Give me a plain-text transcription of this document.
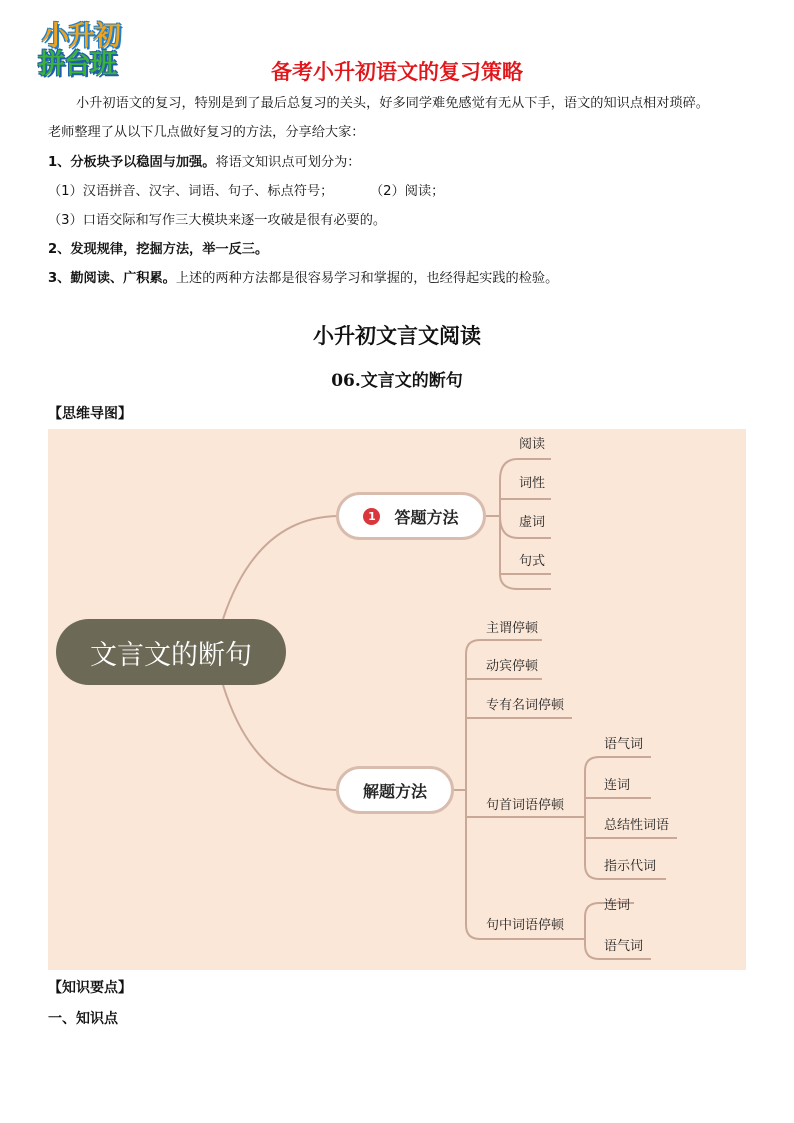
小升初
拼台班	备考小升初语文的复习策略
小升初语文的复习，特别是到了最后总复习的关头，好多同学难免感觉有无从下手，语文的知识点相对琐碎。
老师整理了从以下几点做好复习的方法，分享给大家：
1、分板块予以稳固与加强。将语文知识点可划分为：
（1）汉语拼音、汉字、词语、句子、标点符号；	（2）阅读；
（3）口语交际和写作三大模块来逐一攻破是很有必要的。
2、发现规律，挖掘方法，举一反三。
3、勤阅读、广积累。上述的两种方法都是很容易学习和掌握的，也经得起实践的检验。
小升初文言文阅读
06.文言文的断句
【思维导图】
文言文的断句
1 答题方法
阅读
词性
虚词
句式
解题方法
主谓停顿
动宾停顿
专有名词停顿
句首词语停顿
句中词语停顿
语气词
连词
总结性词语
指示代词
连词
语气词
【知识要点】
一、知识点
